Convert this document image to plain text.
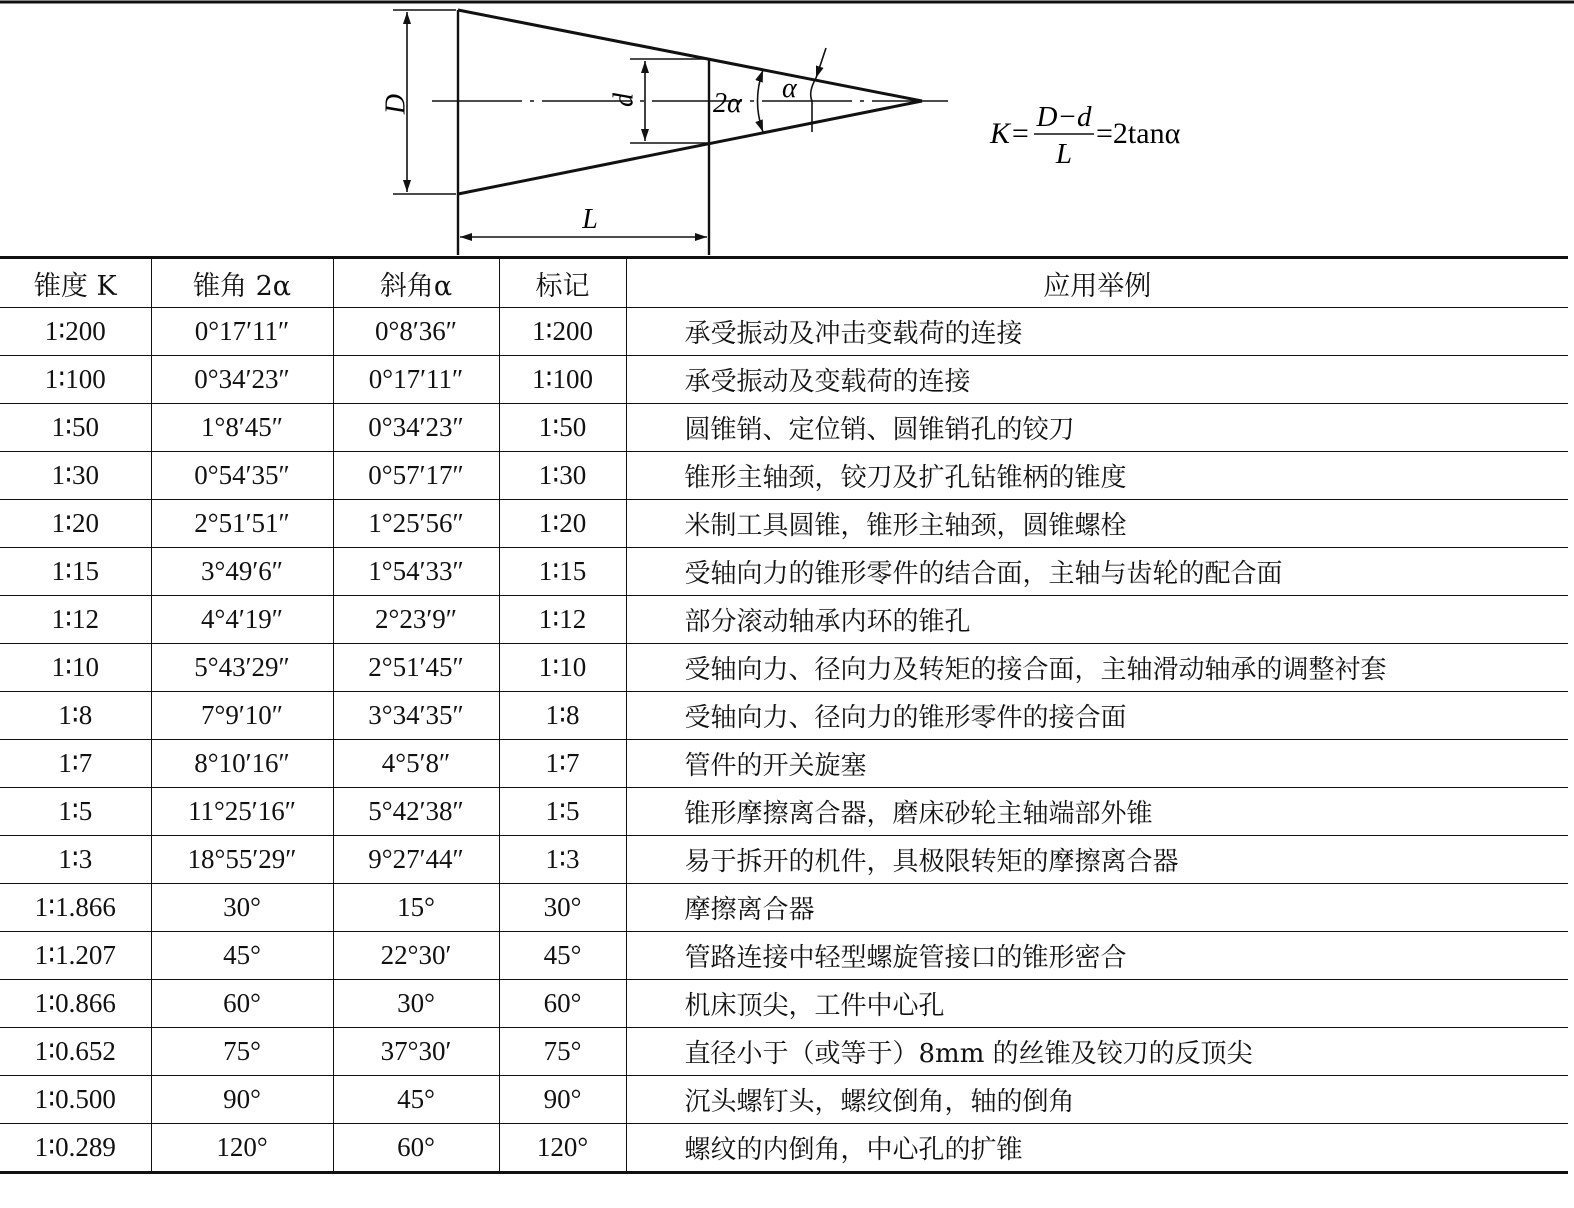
D	d
L
2α α
K= D−d
L
=2tanα
锥度 K	锥角 2α	斜角α	标记	应用举例
1∶200	0°17′11″	0°8′36″	1∶200	承受振动及冲击变载荷的连接
1∶100	0°34′23″	0°17′11″	1∶100	承受振动及变载荷的连接
1∶50	1°8′45″	0°34′23″	1∶50	圆锥销、定位销、圆锥销孔的铰刀
1∶30	0°54′35″	0°57′17″	1∶30	锥形主轴颈，铰刀及扩孔钻锥柄的锥度
1∶20	2°51′51″	1°25′56″	1∶20	米制工具圆锥，锥形主轴颈，圆锥螺栓
1∶15	3°49′6″	1°54′33″	1∶15	受轴向力的锥形零件的结合面，主轴与齿轮的配合面
1∶12	4°4′19″	2°23′9″	1∶12	部分滚动轴承内环的锥孔
1∶10	5°43′29″	2°51′45″	1∶10	受轴向力、径向力及转矩的接合面，主轴滑动轴承的调整衬套
1∶8	7°9′10″	3°34′35″	1∶8	受轴向力、径向力的锥形零件的接合面
1∶7	8°10′16″	4°5′8″	1∶7	管件的开关旋塞
1∶5	11°25′16″	5°42′38″	1∶5	锥形摩擦离合器，磨床砂轮主轴端部外锥
1∶3	18°55′29″	9°27′44″	1∶3	易于拆开的机件，具极限转矩的摩擦离合器
1∶1.866	30°	15°	30°	摩擦离合器
1∶1.207	45°	22°30′	45°	管路连接中轻型螺旋管接口的锥形密合
1∶0.866	60°	30°	60°	机床顶尖，工件中心孔
1∶0.652	75°	37°30′	75°	直径小于（或等于）8mm 的丝锥及铰刀的反顶尖
1∶0.500	90°	45°	90°	沉头螺钉头，螺纹倒角，轴的倒角
1∶0.289	120°	60°	120°	螺纹的内倒角，中心孔的扩锥
